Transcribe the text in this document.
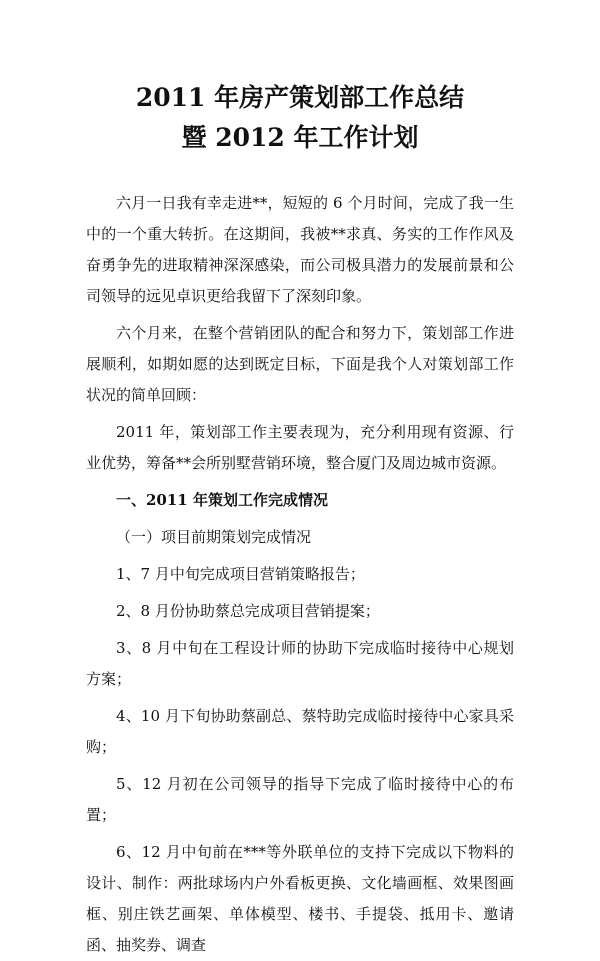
2011 年房产策划部工作总结
暨 2012 年工作计划

六月一日我有幸走进**，短短的 6 个月时间，完成了我一生中的一个重大转折。在这期间，我被**求真、务实的工作作风及奋勇争先的进取精神深深感染，而公司极具潜力的发展前景和公司领导的远见卓识更给我留下了深刻印象。

六个月来，在整个营销团队的配合和努力下，策划部工作进展顺利，如期如愿的达到既定目标，下面是我个人对策划部工作状况的简单回顾：

2011 年，策划部工作主要表现为，充分利用现有资源、行业优势，筹备**会所别墅营销环境，整合厦门及周边城市资源。

一、2011 年策划工作完成情况

（一）项目前期策划完成情况

1、7 月中旬完成项目营销策略报告；

2、8 月份协助蔡总完成项目营销提案；

3、8 月中旬在工程设计师的协助下完成临时接待中心规划方案；

4、10 月下旬协助蔡副总、蔡特助完成临时接待中心家具采购；

5、12 月初在公司领导的指导下完成了临时接待中心的布置；

6、12 月中旬前在***等外联单位的支持下完成以下物料的设计、制作：两批球场内户外看板更换、文化墙画框、效果图画框、别庄铁艺画架、单体模型、楼书、手提袋、抵用卡、邀请函、抽奖券、调查
